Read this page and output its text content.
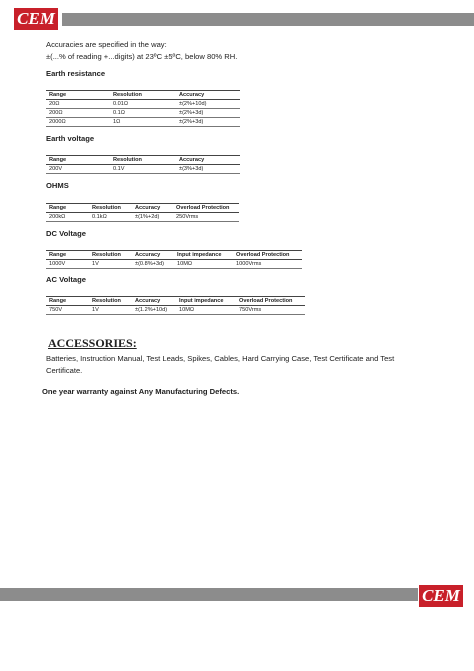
CEM
Accuracies are specified in the way:
±(...% of reading +...digits) at 23ºC ±5ºC, below 80% RH.
Earth resistance
Range	Resolution	Accuracy
20Ω	0.01Ω	±(2%+10d)
200Ω	0.1Ω	±(2%+3d)
2000Ω	1Ω	±(2%+3d)
Earth voltage
Range	Resolution	Accuracy
200V	0.1V	±(3%+3d)
OHMS
Range	Resolution	Accuracy	Overload Protection
200kΩ	0.1kΩ	±(1%+2d)	250Vrms
DC Voltage
Range	Resolution	Accuracy	Input impedance	Overload Protection
1000V	1V	±(0.8%+3d)	10MΩ	1000Vrms
AC Voltage
Range	Resolution	Accuracy	Input impedance	Overload Protection
750V	1V	±(1.2%+10d)	10MΩ	750Vrms
ACCESSORIES:
Batteries, Instruction Manual, Test Leads, Spikes, Cables, Hard Carrying Case, Test Certificate and Test Certificate.
One year warranty against Any Manufacturing Defects.
CEM
